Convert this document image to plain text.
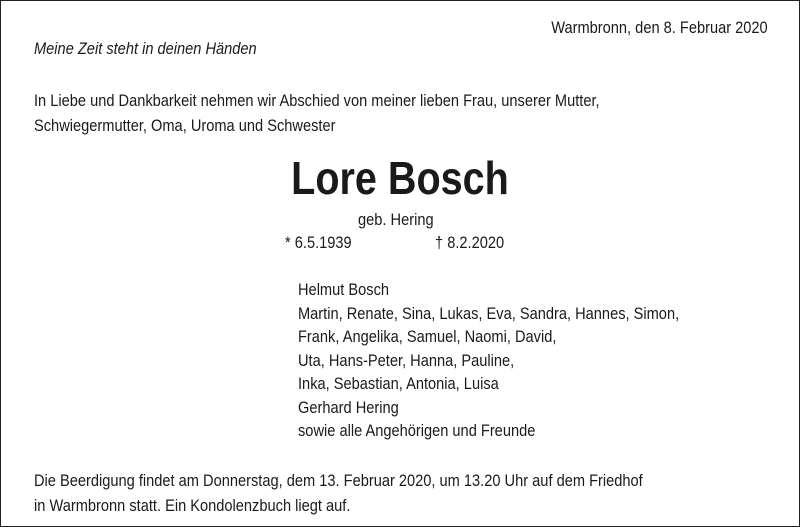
Warmbronn, den 8. Februar 2020
Meine Zeit steht in deinen Händen
In Liebe und Dankbarkeit nehmen wir Abschied von meiner lieben Frau, unserer Mutter,
Schwiegermutter, Oma, Uroma und Schwester
Lore Bosch
geb. Hering
* 6.5.1939	† 8.2.2020
Helmut Bosch
Martin, Renate, Sina, Lukas, Eva, Sandra, Hannes, Simon,
Frank, Angelika, Samuel, Naomi, David,
Uta, Hans-Peter, Hanna, Pauline,
Inka, Sebastian, Antonia, Luisa
Gerhard Hering
sowie alle Angehörigen und Freunde
Die Beerdigung findet am Donnerstag, dem 13. Februar 2020, um 13.20 Uhr auf dem Friedhof
in Warmbronn statt. Ein Kondolenzbuch liegt auf.
